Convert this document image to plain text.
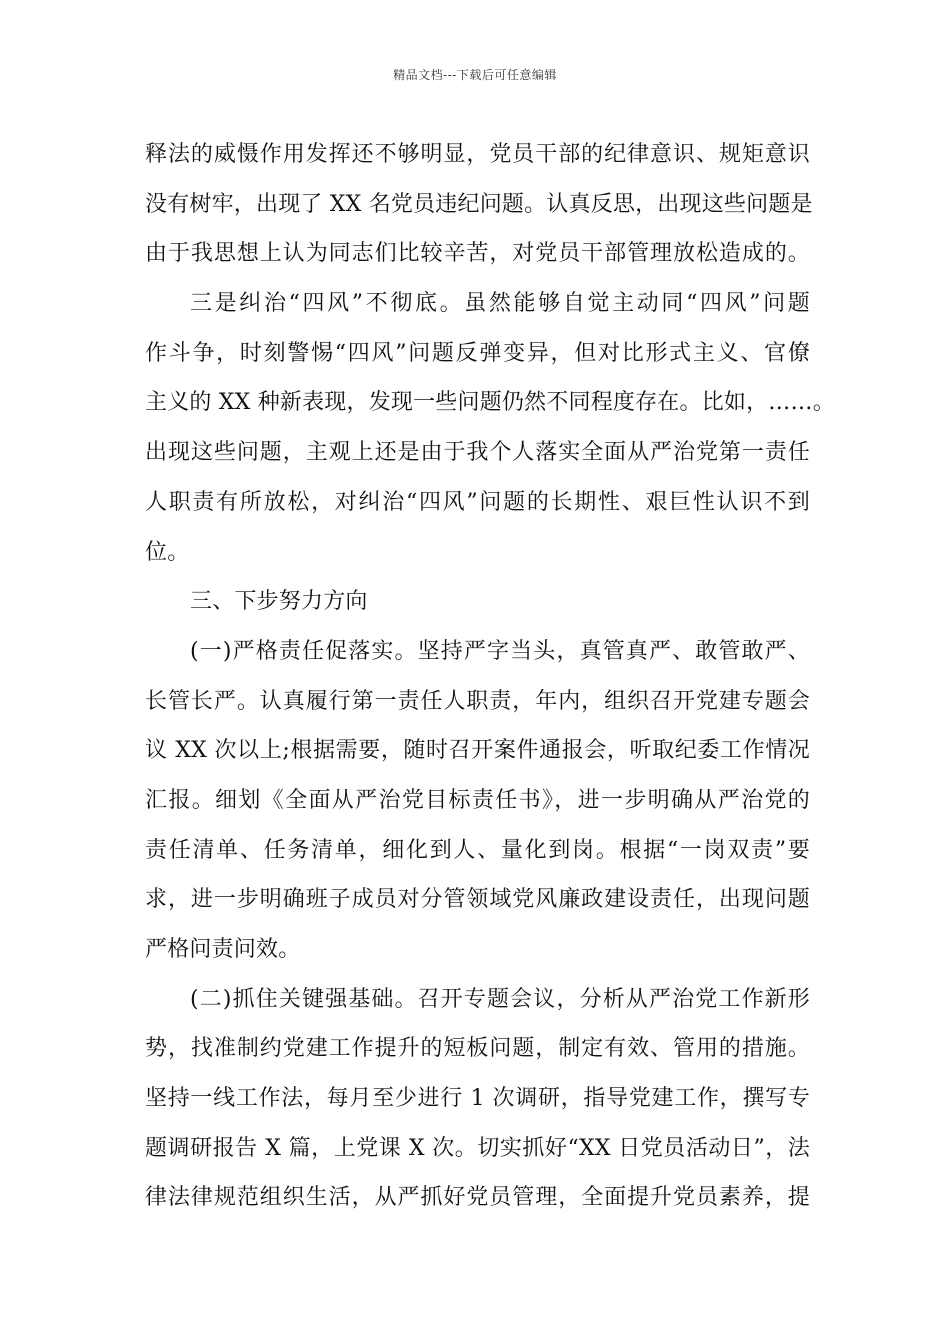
精品文档---下载后可任意编辑
释法的威慑作用发挥还不够明显，党员干部的纪律意识、规矩意识
没有树牢，出现了 XX 名党员违纪问题。认真反思，出现这些问题是
由于我思想上认为同志们比较辛苦，对党员干部管理放松造成的。
三是纠治“四风”不彻底。虽然能够自觉主动同“四风”问题
作斗争，时刻警惕“四风”问题反弹变异，但对比形式主义、官僚
主义的 XX 种新表现，发现一些问题仍然不同程度存在。比如，……。
出现这些问题，主观上还是由于我个人落实全面从严治党第一责任
人职责有所放松，对纠治“四风”问题的长期性、艰巨性认识不到
位。
三、下步努力方向
(一)严格责任促落实。坚持严字当头，真管真严、敢管敢严、
长管长严。认真履行第一责任人职责，年内，组织召开党建专题会
议 XX 次以上;根据需要，随时召开案件通报会，听取纪委工作情况
汇报。细划《全面从严治党目标责任书》，进一步明确从严治党的
责任清单、任务清单，细化到人、量化到岗。根据“一岗双责”要
求，进一步明确班子成员对分管领域党风廉政建设责任，出现问题
严格问责问效。
(二)抓住关键强基础。召开专题会议，分析从严治党工作新形
势，找准制约党建工作提升的短板问题，制定有效、管用的措施。
坚持一线工作法，每月至少进行 1 次调研，指导党建工作，撰写专
题调研报告 X 篇，上党课 X 次。切实抓好“XX 日党员活动日”，法
律法律规范组织生活，从严抓好党员管理，全面提升党员素养，提
